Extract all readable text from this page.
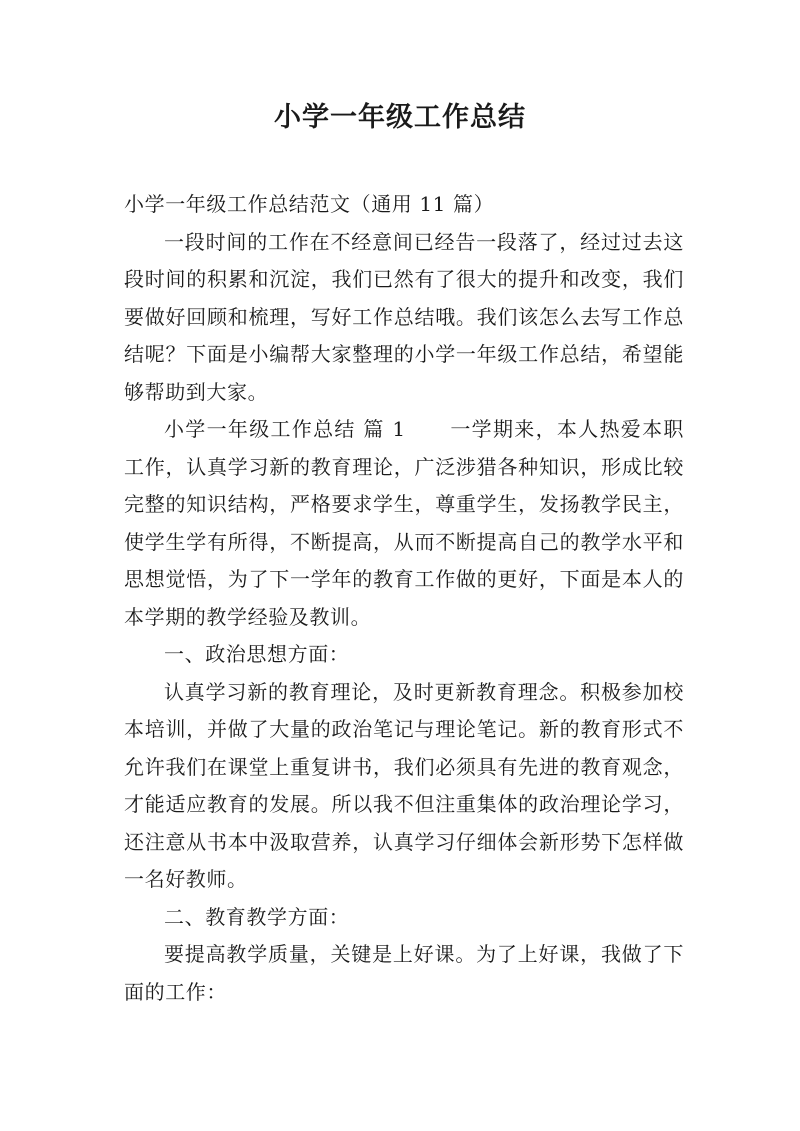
小学一年级工作总结

小学一年级工作总结范文（通用 11 篇）

一段时间的工作在不经意间已经告一段落了，经过过去这段时间的积累和沉淀，我们已然有了很大的提升和改变，我们要做好回顾和梳理，写好工作总结哦。我们该怎么去写工作总结呢？下面是小编帮大家整理的小学一年级工作总结，希望能够帮助到大家。

小学一年级工作总结 篇 1 一学期来，本人热爱本职工作，认真学习新的教育理论，广泛涉猎各种知识，形成比较完整的知识结构，严格要求学生，尊重学生，发扬教学民主，使学生学有所得，不断提高，从而不断提高自己的教学水平和思想觉悟，为了下一学年的教育工作做的更好，下面是本人的本学期的教学经验及教训。

一、政治思想方面：

认真学习新的教育理论，及时更新教育理念。积极参加校本培训，并做了大量的政治笔记与理论笔记。新的教育形式不允许我们在课堂上重复讲书，我们必须具有先进的教育观念，才能适应教育的发展。所以我不但注重集体的政治理论学习，还注意从书本中汲取营养，认真学习仔细体会新形势下怎样做一名好教师。

二、教育教学方面：

要提高教学质量，关键是上好课。为了上好课，我做了下面的工作：
